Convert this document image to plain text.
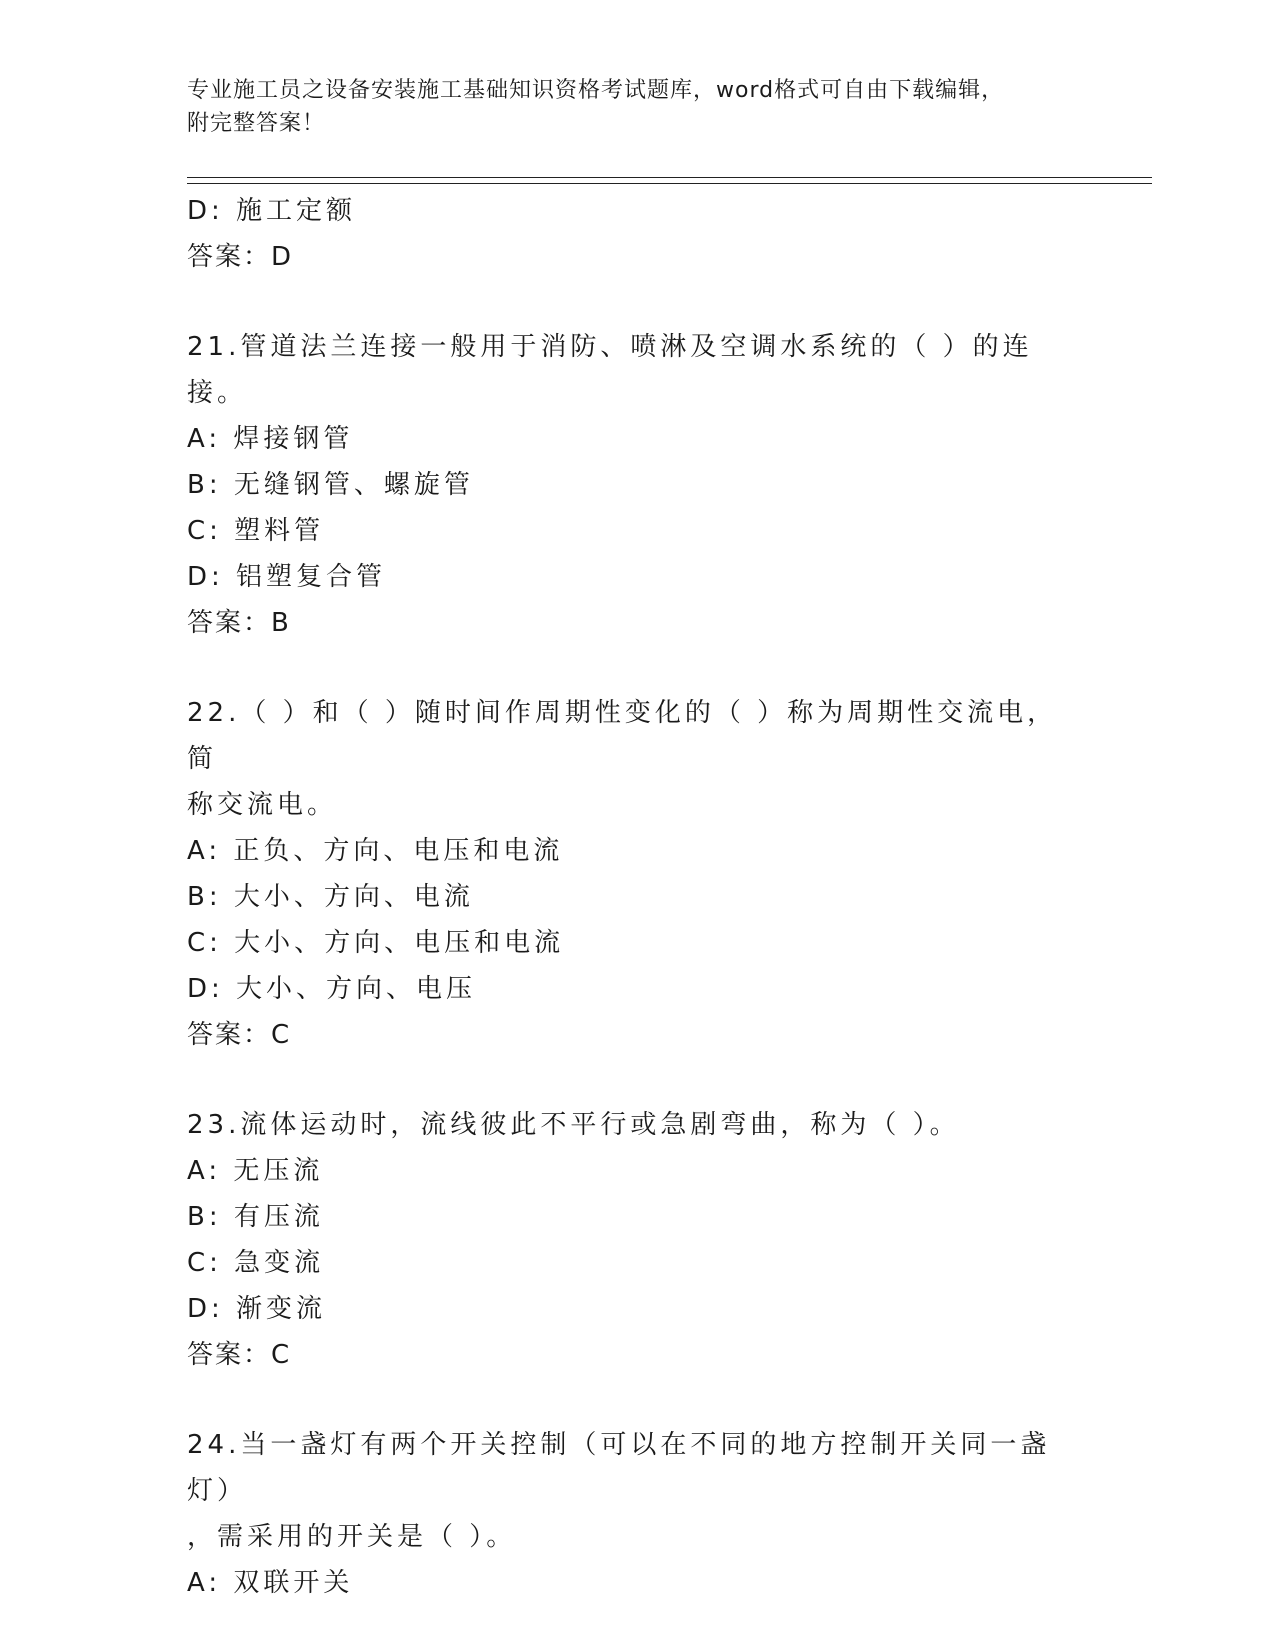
专业施工员之设备安装施工基础知识资格考试题库，word格式可自由下载编辑，
附完整答案！
D: 施工定额
答案：D
21.管道法兰连接一般用于消防、喷淋及空调水系统的（ ）的连接。
A: 焊接钢管
B: 无缝钢管、螺旋管
C: 塑料管
D: 铝塑复合管
答案：B
22.（ ）和（ ）随时间作周期性变化的（ ）称为周期性交流电，简
称交流电。
A: 正负、方向、电压和电流
B: 大小、方向、电流
C: 大小、方向、电压和电流
D: 大小、方向、电压
答案：C
23.流体运动时，流线彼此不平行或急剧弯曲，称为（ ）。
A: 无压流
B: 有压流
C: 急变流
D: 渐变流
答案：C
24.当一盏灯有两个开关控制（可以在不同的地方控制开关同一盏灯）
，需采用的开关是（ ）。
A: 双联开关
